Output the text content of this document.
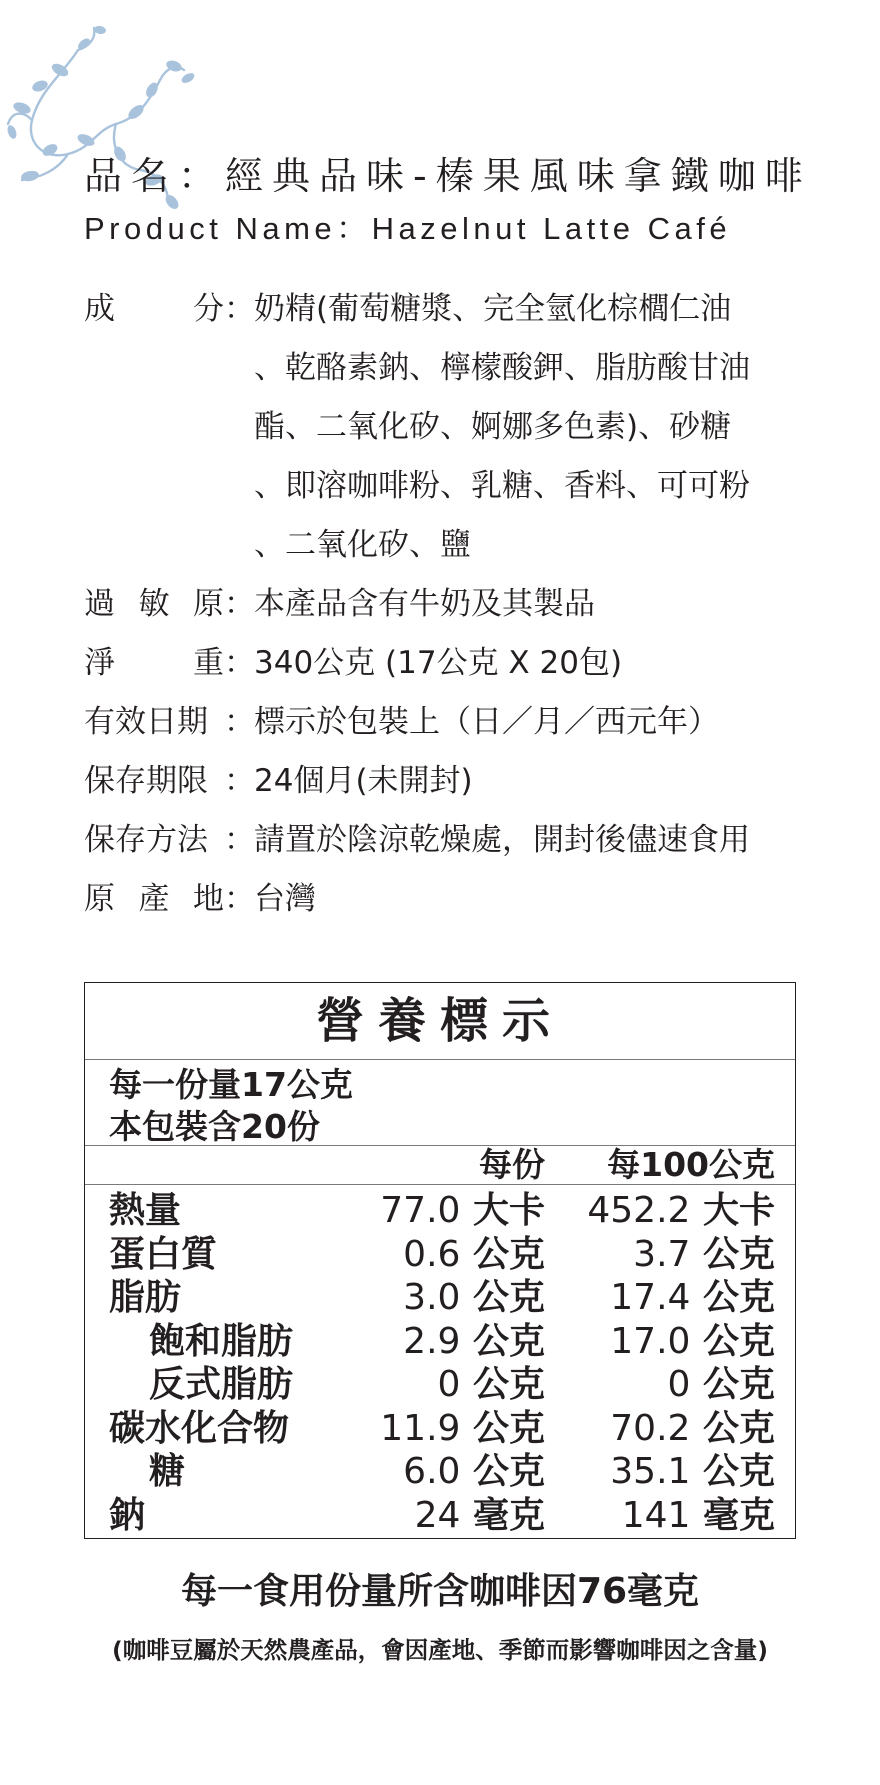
品名：經典品味-榛果風味拿鐵咖啡
Product Name：Hazelnut Latte Café
成	分 ： 奶精(葡萄糖漿、完全氫化棕櫚仁油
、乾酪素鈉、檸檬酸鉀、脂肪酸甘油
酯、二氧化矽、婀娜多色素)、砂糖
、即溶咖啡粉、乳糖、香料、可可粉
、二氧化矽、鹽
過 敏 原 ： 本產品含有牛奶及其製品
淨	重 ： 340公克 (17公克 X 20包)
有效日期 ： 標示於包裝上（日／月／西元年）
保存期限 ： 24個月(未開封)
保存方法 ： 請置於陰涼乾燥處，開封後儘速食用
原 產 地 ： 台灣
營養標示
每一份量17公克
本包裝含20份
每份 每100公克
熱量	77.0 大卡 452.2 大卡
蛋白質	0.6 公克 3.7 公克
脂肪	3.0 公克 17.4 公克
飽和脂肪	2.9 公克 17.0 公克
反式脂肪	0 公克	0 公克
碳水化合物	11.9 公克 70.2 公克
糖	6.0 公克 35.1 公克
鈉	24 毫克 141 毫克
每一食用份量所含咖啡因76毫克
(咖啡豆屬於天然農產品，會因產地、季節而影響咖啡因之含量)
